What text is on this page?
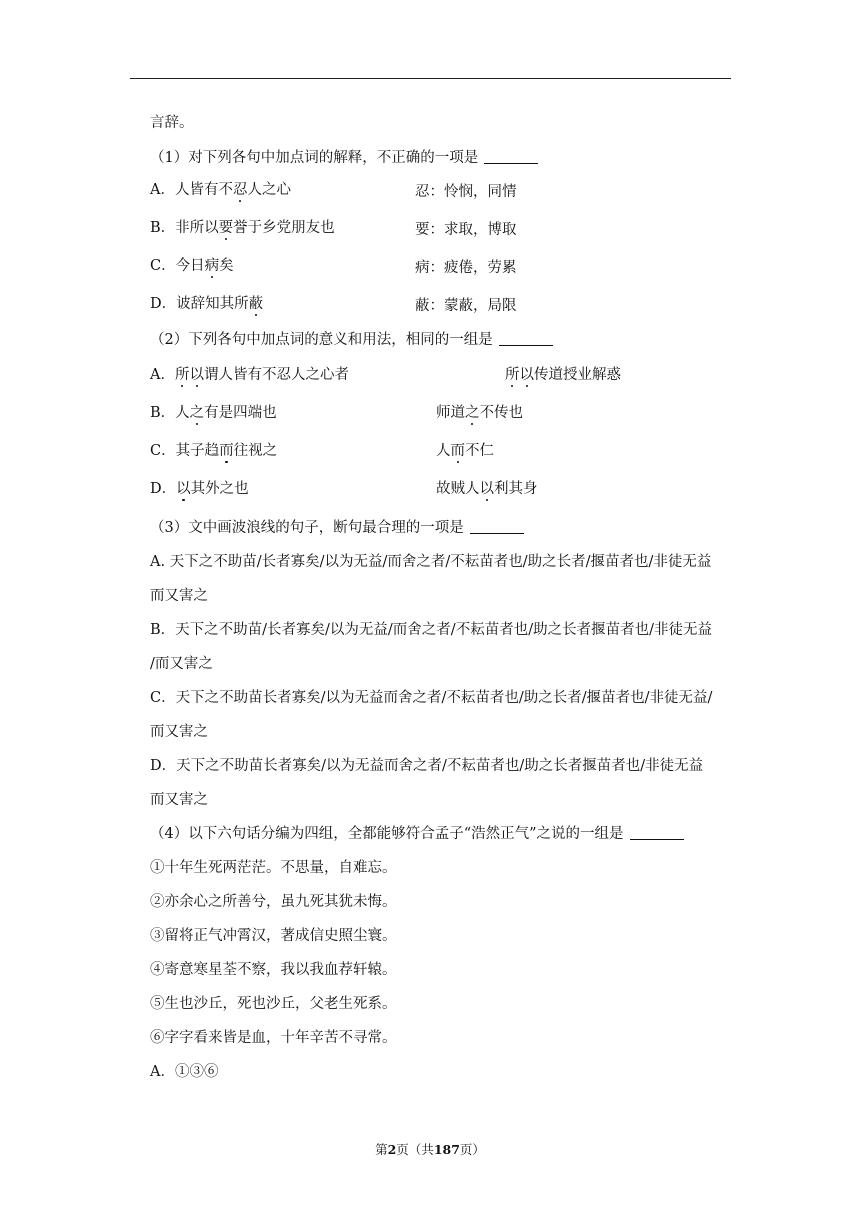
言辞。
（1）对下列各句中加点词的解释，不正确的一项是
A．人皆有不忍人之心	忍：怜悯，同情
B．非所以要誉于乡党朋友也	要：求取，博取
C．今日病矣	病：疲倦，劳累
D．诐辞知其所蔽	蔽：蒙蔽，局限
（2）下列各句中加点词的意义和用法，相同的一组是
A．所以谓人皆有不忍人之心者	所以传道授业解惑
B．人之有是四端也	师道之不传也
C．其子趋而往视之	人而不仁
D．以其外之也	故贼人以利其身
（3）文中画波浪线的句子，断句最合理的一项是
A. 天下之不助苗/长者寡矣/以为无益/而舍之者/不耘苗者也/助之长者/揠苗者也/非徒无益
而又害之
B．天下之不助苗/长者寡矣/以为无益/而舍之者/不耘苗者也/助之长者揠苗者也/非徒无益
/而又害之
C．天下之不助苗长者寡矣/以为无益而舍之者/不耘苗者也/助之长者/揠苗者也/非徒无益/
而又害之
D．天下之不助苗长者寡矣/以为无益而舍之者/不耘苗者也/助之长者揠苗者也/非徒无益
而又害之
（4）以下六句话分编为四组，全都能够符合孟子“浩然正气”之说的一组是
①十年生死两茫茫。不思量，自难忘。
②亦余心之所善兮，虽九死其犹未悔。
③留将正气冲霄汉，著成信史照尘寰。
④寄意寒星荃不察，我以我血荐轩辕。
⑤生也沙丘，死也沙丘，父老生死系。
⑥字字看来皆是血，十年辛苦不寻常。
A．①③⑥
第2页（共187页）
